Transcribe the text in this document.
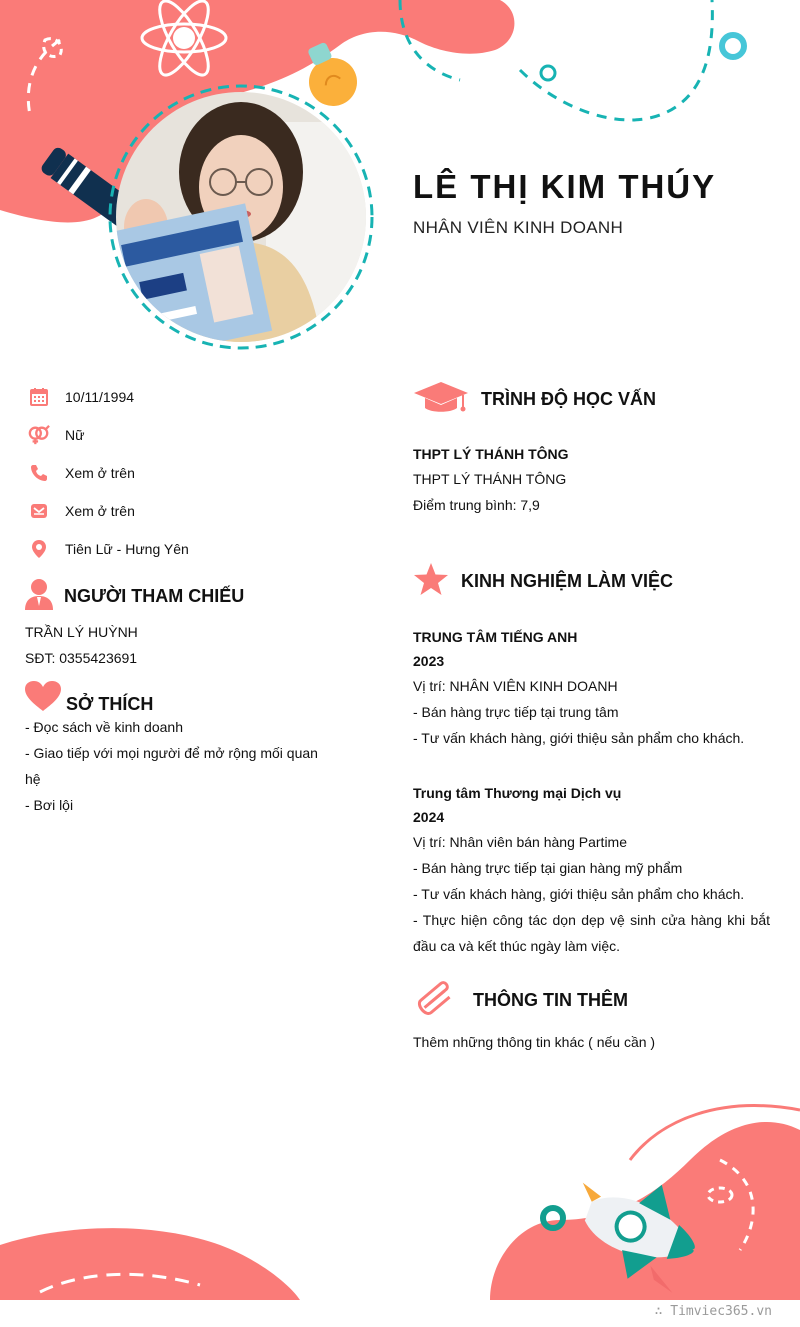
LÊ THỊ KIM THÚY
NHÂN VIÊN KINH DOANH
10/11/1994
Nữ
Xem ở trên
Xem ở trên
Tiên Lữ - Hưng Yên
NGƯỜI THAM CHIẾU
TRẦN LÝ HUỲNH
SĐT: 0355423691
SỞ THÍCH
- Đọc sách về kinh doanh
- Giao tiếp với mọi người để mở rộng mối quan hệ
- Bơi lội
TRÌNH ĐỘ HỌC VẤN
THPT LÝ THÁNH TÔNG
THPT LÝ THÁNH TÔNG
Điểm trung bình: 7,9
KINH NGHIỆM LÀM VIỆC
TRUNG TÂM TIẾNG ANH
2023
Vị trí: NHÂN VIÊN KINH DOANH
- Bán hàng trực tiếp tại trung tâm
- Tư vấn khách hàng, giới thiệu sản phẩm cho khách.
Trung tâm Thương mại Dịch vụ
2024
Vị trí: Nhân viên bán hàng Partime
- Bán hàng trực tiếp tại gian hàng mỹ phẩm
- Tư vấn khách hàng, giới thiệu sản phẩm cho khách.
- Thực hiện công tác dọn dẹp vệ sinh cửa hàng khi bắt đầu ca và kết thúc ngày làm việc.
THÔNG TIN THÊM
Thêm những thông tin khác ( nếu cần )
∴ Timviec365.vn
